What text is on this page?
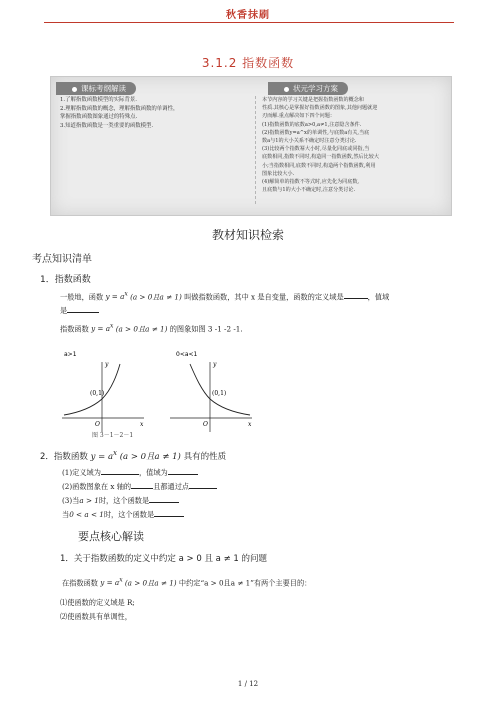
秋香抹刷
3.1.2 指数函数
课标考纲解读	状元学习方案

1.了解指数函数模型的实际背景.

2.理解指数函数的概念，理解指数函数的单调性，

掌握指数函数图象通过的特殊点.

3.知道指数函数是一类重要的函数模型.

本节内容的学习关键是把握指数函数的概念和

性质.其核心是掌握好指数函数的图象,其他问题就迎

刃而解.重点解决如下四个问题：

(1)指数函数的底数a>0,a≠1,注意隐含条件.

(2)指数函数y=a^x的单调性,与底数a有关,当底

数a与1的大小关系不确定时注意分类讨论.

(3)比较两个指数幂大小时,尽量化同底或同指,当

底数相同,指数不同时,构造同一指数函数,然后比较大

小;当指数相同,底数不同时,构造两个指数函数,利用

图象比较大小.

(4)解简单的指数不等式时,应先化为同底数,

且底数与1的大小不确定时,注意分类讨论.

教材知识检索
考点知识清单
1．指数函数
一般地，函数 $y = a^x$ (a > 0且a ≠ 1) 叫做指数函数，其中 x 是自变量，函数的定义域是	，值域
是
指数函数 $y = a^x$ (a > 0且a ≠ 1) 的图象如图 3 -1 -2 -1.
a>1
y
(0,1)
O	x
0<a<1
y
(0,1)
O	x
图 3－1－2－1
2．指数函数 $y = a^x$ (a > 0且a ≠ 1) 具有的性质
(1)定义域为	，值域为
(2)函数图象在 x 轴的	且都通过点
(3)当a > 1时，这个函数是
当0 < a < 1时，这个函数是
要点核心解读
1．关于指数函数的定义中约定 a > 0 且 a ≠ 1 的问题
在指数函数 $y = a^x$ (a > 0且a ≠ 1) 中约定“a > 0且a ≠ 1”有两个主要目的：
⑴使函数的定义域是 R;
⑵使函数具有单调性，
1 / 12
